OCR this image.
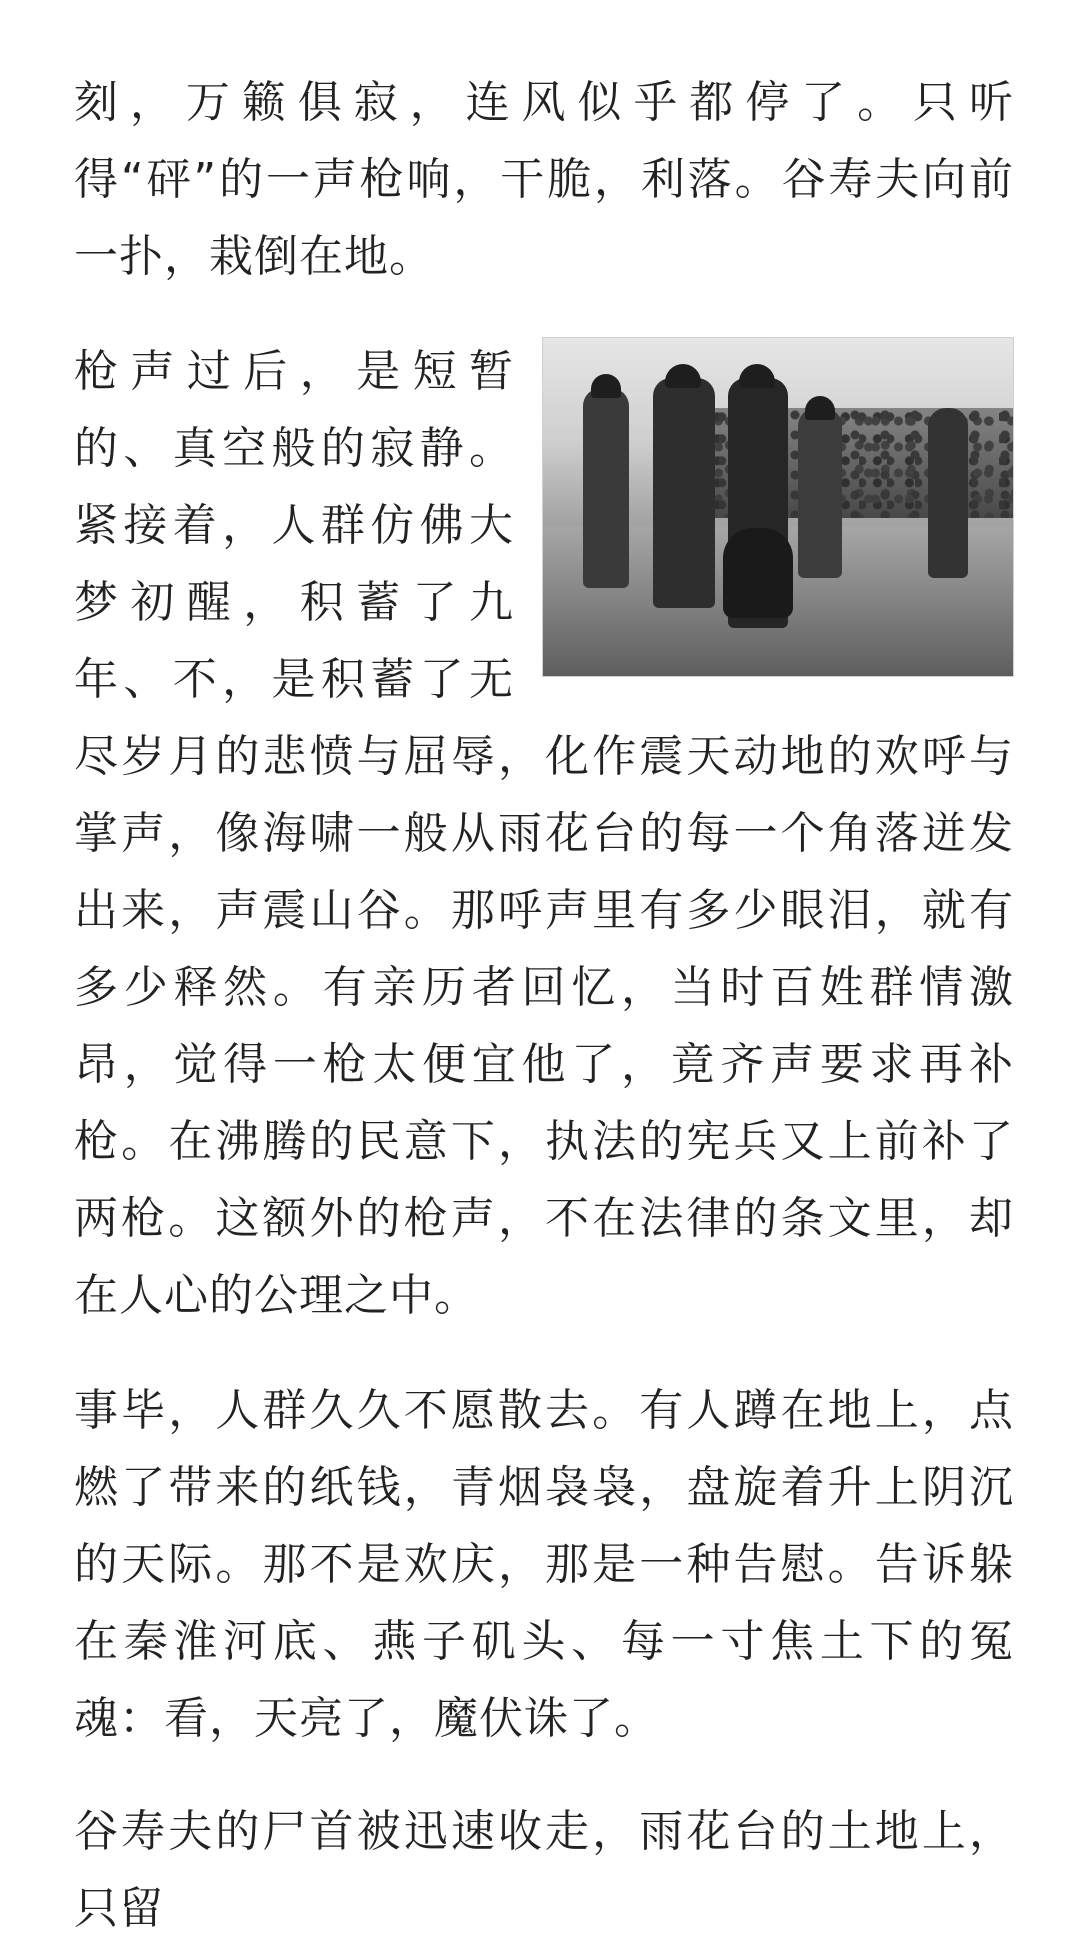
刻，万籁俱寂，连风似乎都停了。只听得“砰”的一声枪响，干脆，利落。谷寿夫向前一扑，栽倒在地。

枪声过后，是短暂的、真空般的寂静。紧接着，人群仿佛大梦初醒，积蓄了九年、不，是积蓄了无尽岁月的悲愤与屈辱，化作震天动地的欢呼与掌声，像海啸一般从雨花台的每一个角落迸发出来，声震山谷。那呼声里有多少眼泪，就有多少释然。有亲历者回忆，当时百姓群情激昂，觉得一枪太便宜他了，竟齐声要求再补枪。在沸腾的民意下，执法的宪兵又上前补了两枪。这额外的枪声，不在法律的条文里，却在人心的公理之中。

事毕，人群久久不愿散去。有人蹲在地上，点燃了带来的纸钱，青烟袅袅，盘旋着升上阴沉的天际。那不是欢庆，那是一种告慰。告诉躲在秦淮河底、燕子矶头、每一寸焦土下的冤魂：看，天亮了，魔伏诛了。

谷寿夫的尸首被迅速收走，雨花台的土地上，只留
